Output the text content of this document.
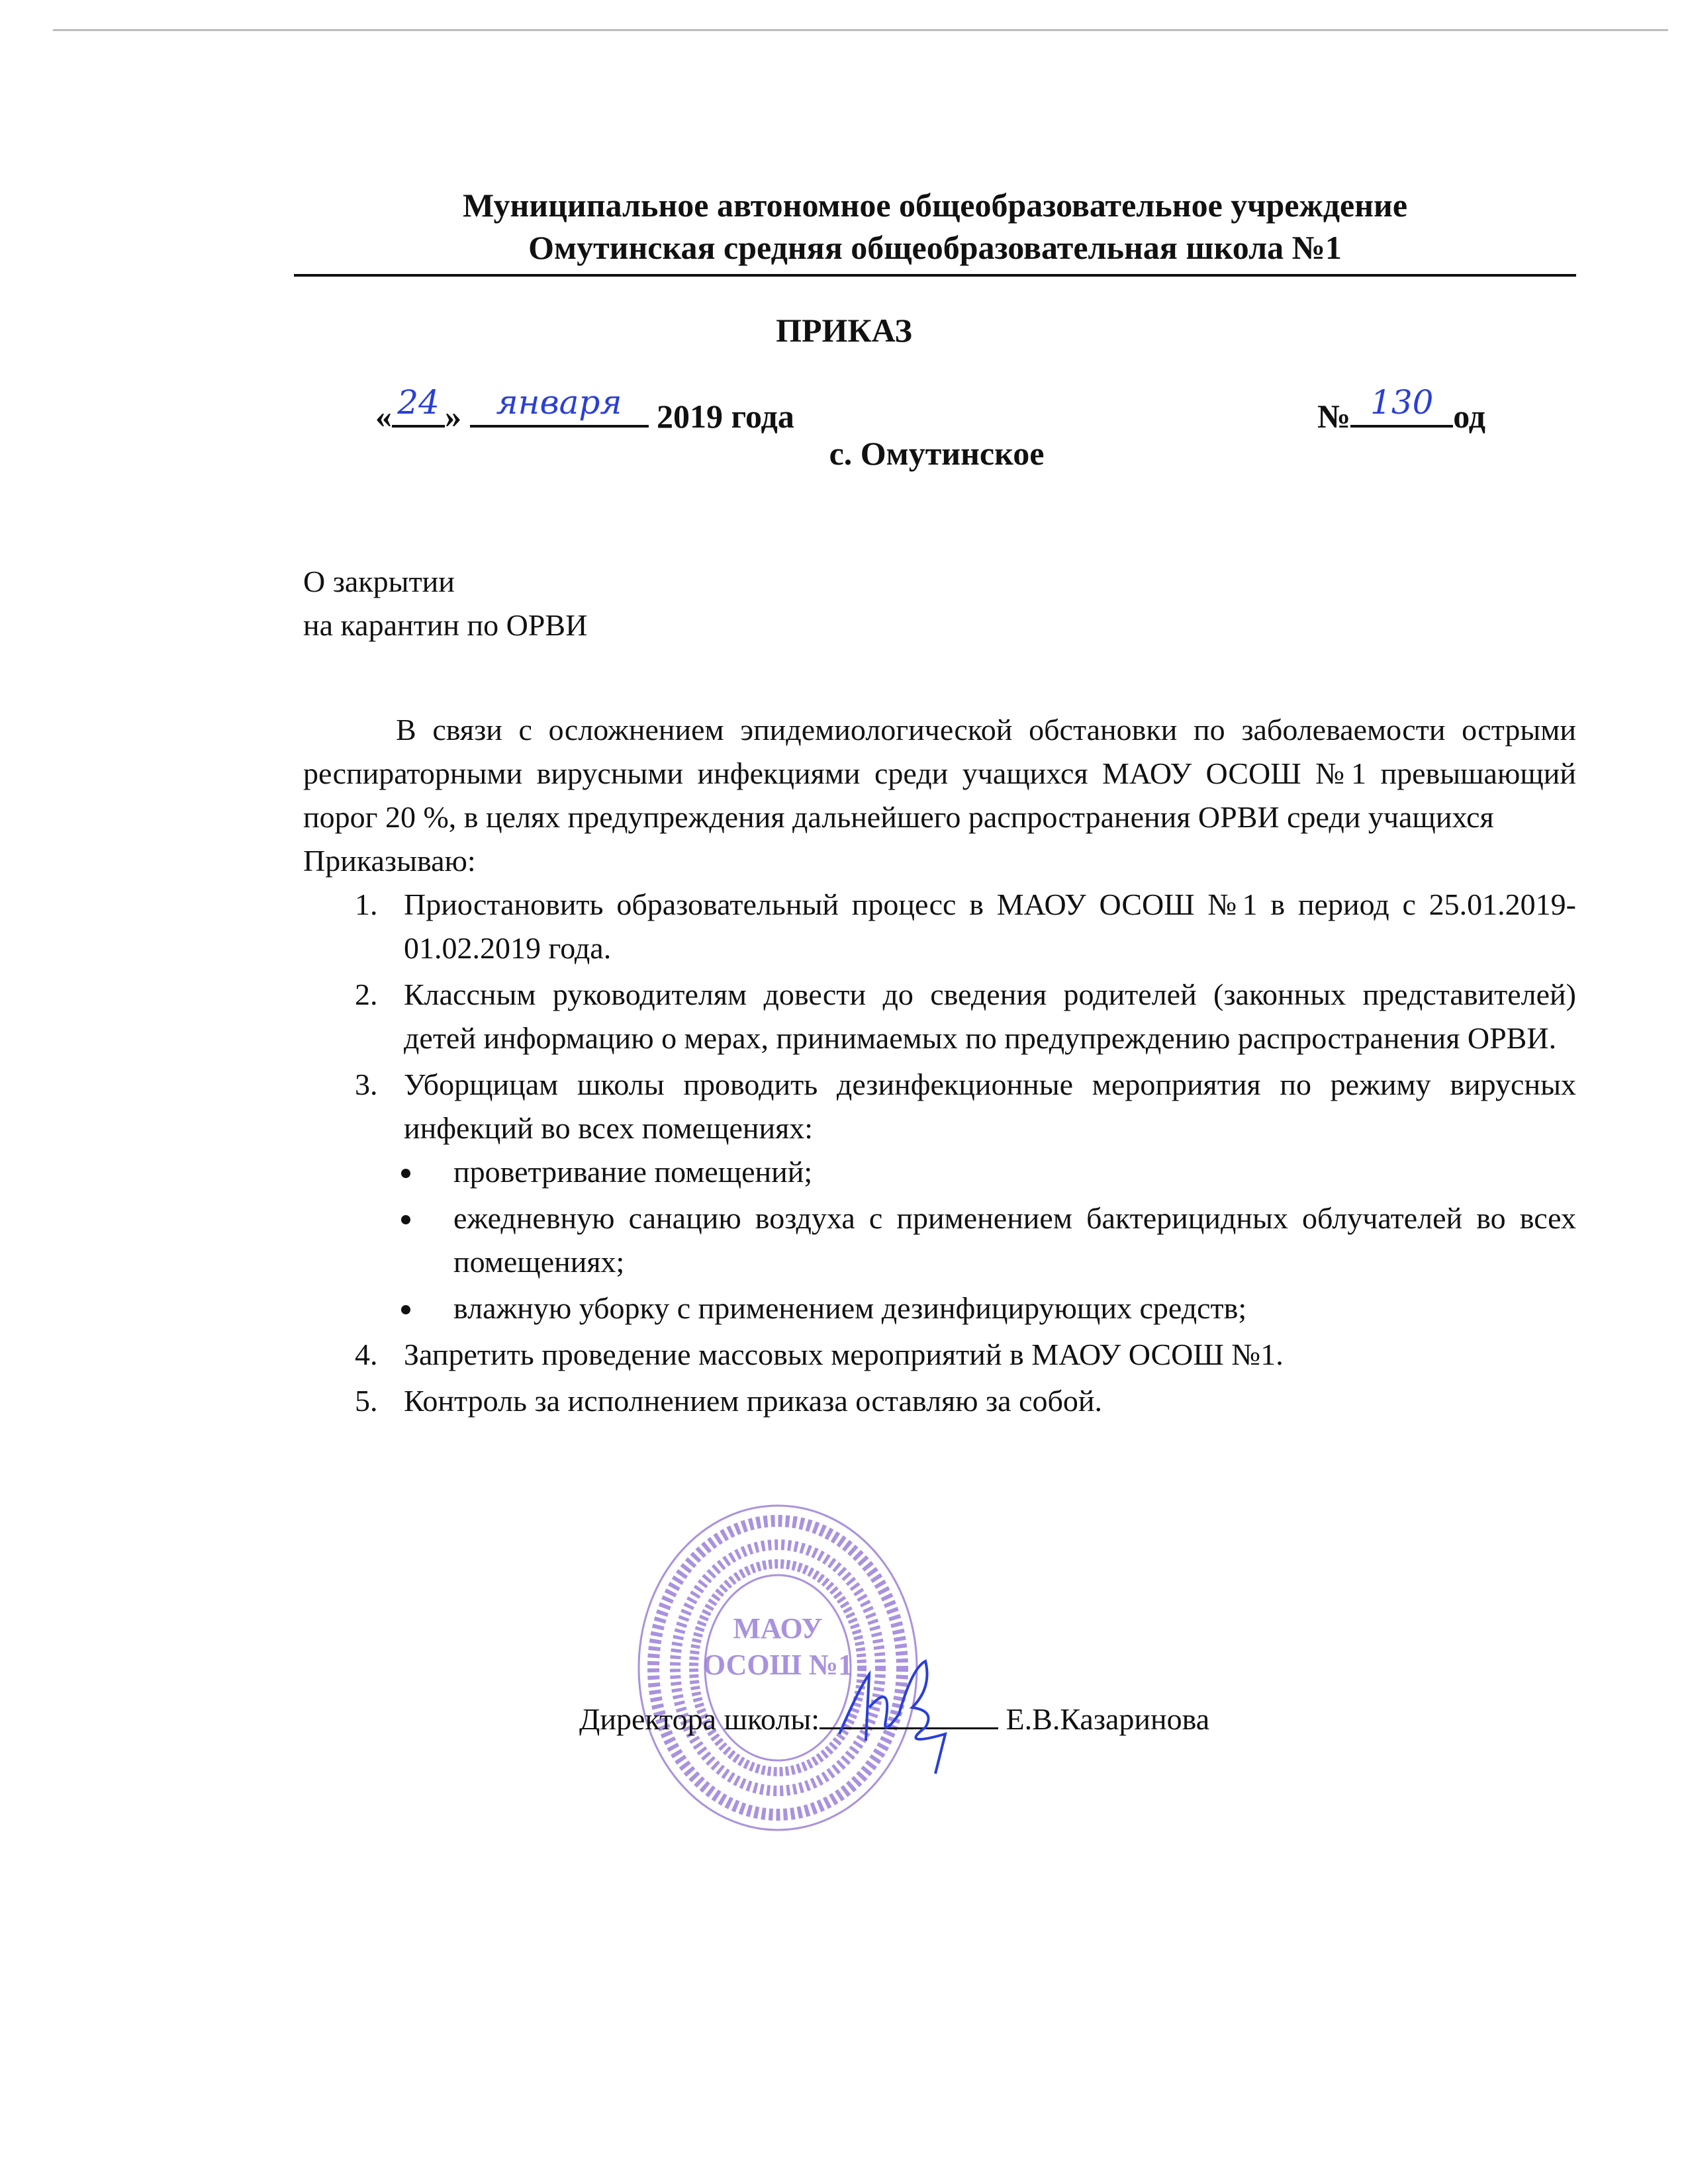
Муниципальное автономное общеобразовательное учреждение
Омутинская средняя общеобразовательная школа №1
ПРИКАЗ
« 24 »	января	2019 года	№ 130 од
с. Омутинское
О закрытии
на карантин по ОРВИ

В связи с осложнением эпидемиологической обстановки по заболеваемости острыми респираторными вирусными инфекциями среди учащихся МАОУ ОСОШ №1 превышающий порог 20 %, в целях предупреждения дальнейшего распространения ОРВИ среди учащихся

Приказываю:

1. Приостановить образовательный процесс в МАОУ ОСОШ №1 в период с 25.01.2019-01.02.2019 года.
2. Классным руководителям довести до сведения родителей (законных представителей) детей информацию о мерах, принимаемых по предупреждению распространения ОРВИ.
3. Уборщицам школы проводить дезинфекционные мероприятия по режиму вирусных инфекций во всех помещениях:
проветривание помещений;
ежедневную санацию воздуха с применением бактерицидных облучателей во всех помещениях;
влажную уборку с применением дезинфицирующих средств;
4. Запретить проведение массовых мероприятий в МАОУ ОСОШ №1.
5. Контроль за исполнением приказа оставляю за собой.
МАОУ
ОСОШ №1
Директора школы:	Е.В.Казаринова
